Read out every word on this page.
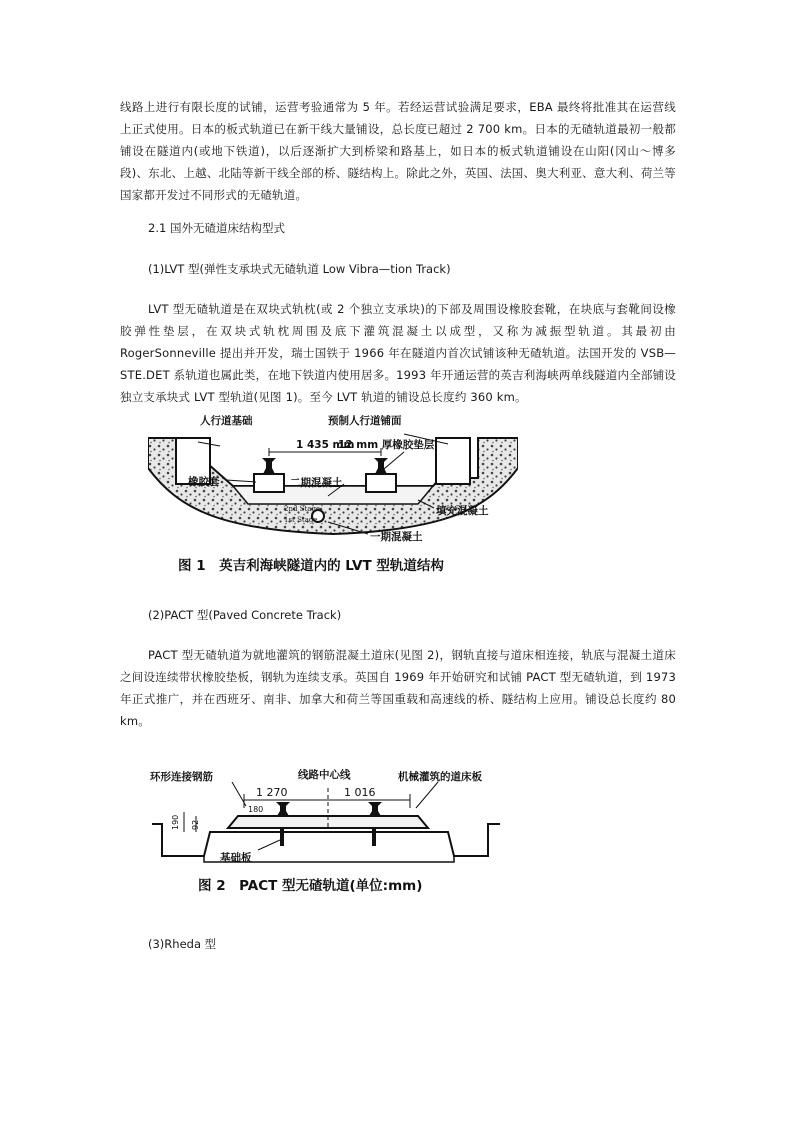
线路上进行有限长度的试铺，运营考验通常为 5 年。若经运营试验满足要求，EBA 最终将批准其在运营线上正式使用。日本的板式轨道已在新干线大量铺设，总长度已超过 2 700 km。日本的无碴轨道最初一般都铺设在隧道内(或地下铁道)，以后逐渐扩大到桥梁和路基上，如日本的板式轨道铺设在山阳(冈山～博多段)、东北、上越、北陆等新干线全部的桥、隧结构上。除此之外，英国、法国、奥大利亚、意大利、荷兰等国家都开发过不同形式的无碴轨道。

2.1 国外无碴道床结构型式

(1)LVT 型(弹性支承块式无碴轨道 Low Vibra—tion Track)

LVT 型无碴轨道是在双块式轨枕(或 2 个独立支承块)的下部及周围设橡胶套靴，在块底与套靴间设橡胶弹性垫层，在双块式轨枕周围及底下灌筑混凝土以成型，又称为减振型轨道。其最初由 RogerSonneville 提出并开发，瑞士国铁于 1966 年在隧道内首次试铺该种无碴轨道。法国开发的 VSB—STE.DET 系轨道也属此类，在地下铁道内使用居多。1993 年开通运营的英吉利海峡两单线隧道内全部铺设独立支承块式 LVT 型轨道(见图 1)。至今 LVT 轨道的铺设总长度约 360 km。

人行道基础	预制人行道铺面
12 mm 厚橡胶垫层
1 435 mm
橡胶套	二期混凝土
填充混凝土
一期混凝土
2nd Stage
1st Stage
图 1　英吉利海峡隧道内的 LVT 型轨道结构

(2)PACT 型(Paved Concrete Track)

PACT 型无碴轨道为就地灌筑的钢筋混凝土道床(见图 2)，钢轨直接与道床相连接，轨底与混凝土道床之间设连续带状橡胶垫板，钢轨为连续支承。英国自 1969 年开始研究和试铺 PACT 型无碴轨道，到 1973 年正式推广，并在西班牙、南非、加拿大和荷兰等国重载和高速线的桥、隧结构上应用。铺设总长度约 80 km。

环形连接钢筋	线路中心线	机械灌筑的道床板
1 270	1 016
180
190 92
基础板
图 2　PACT 型无碴轨道(单位:mm)

(3)Rheda 型
